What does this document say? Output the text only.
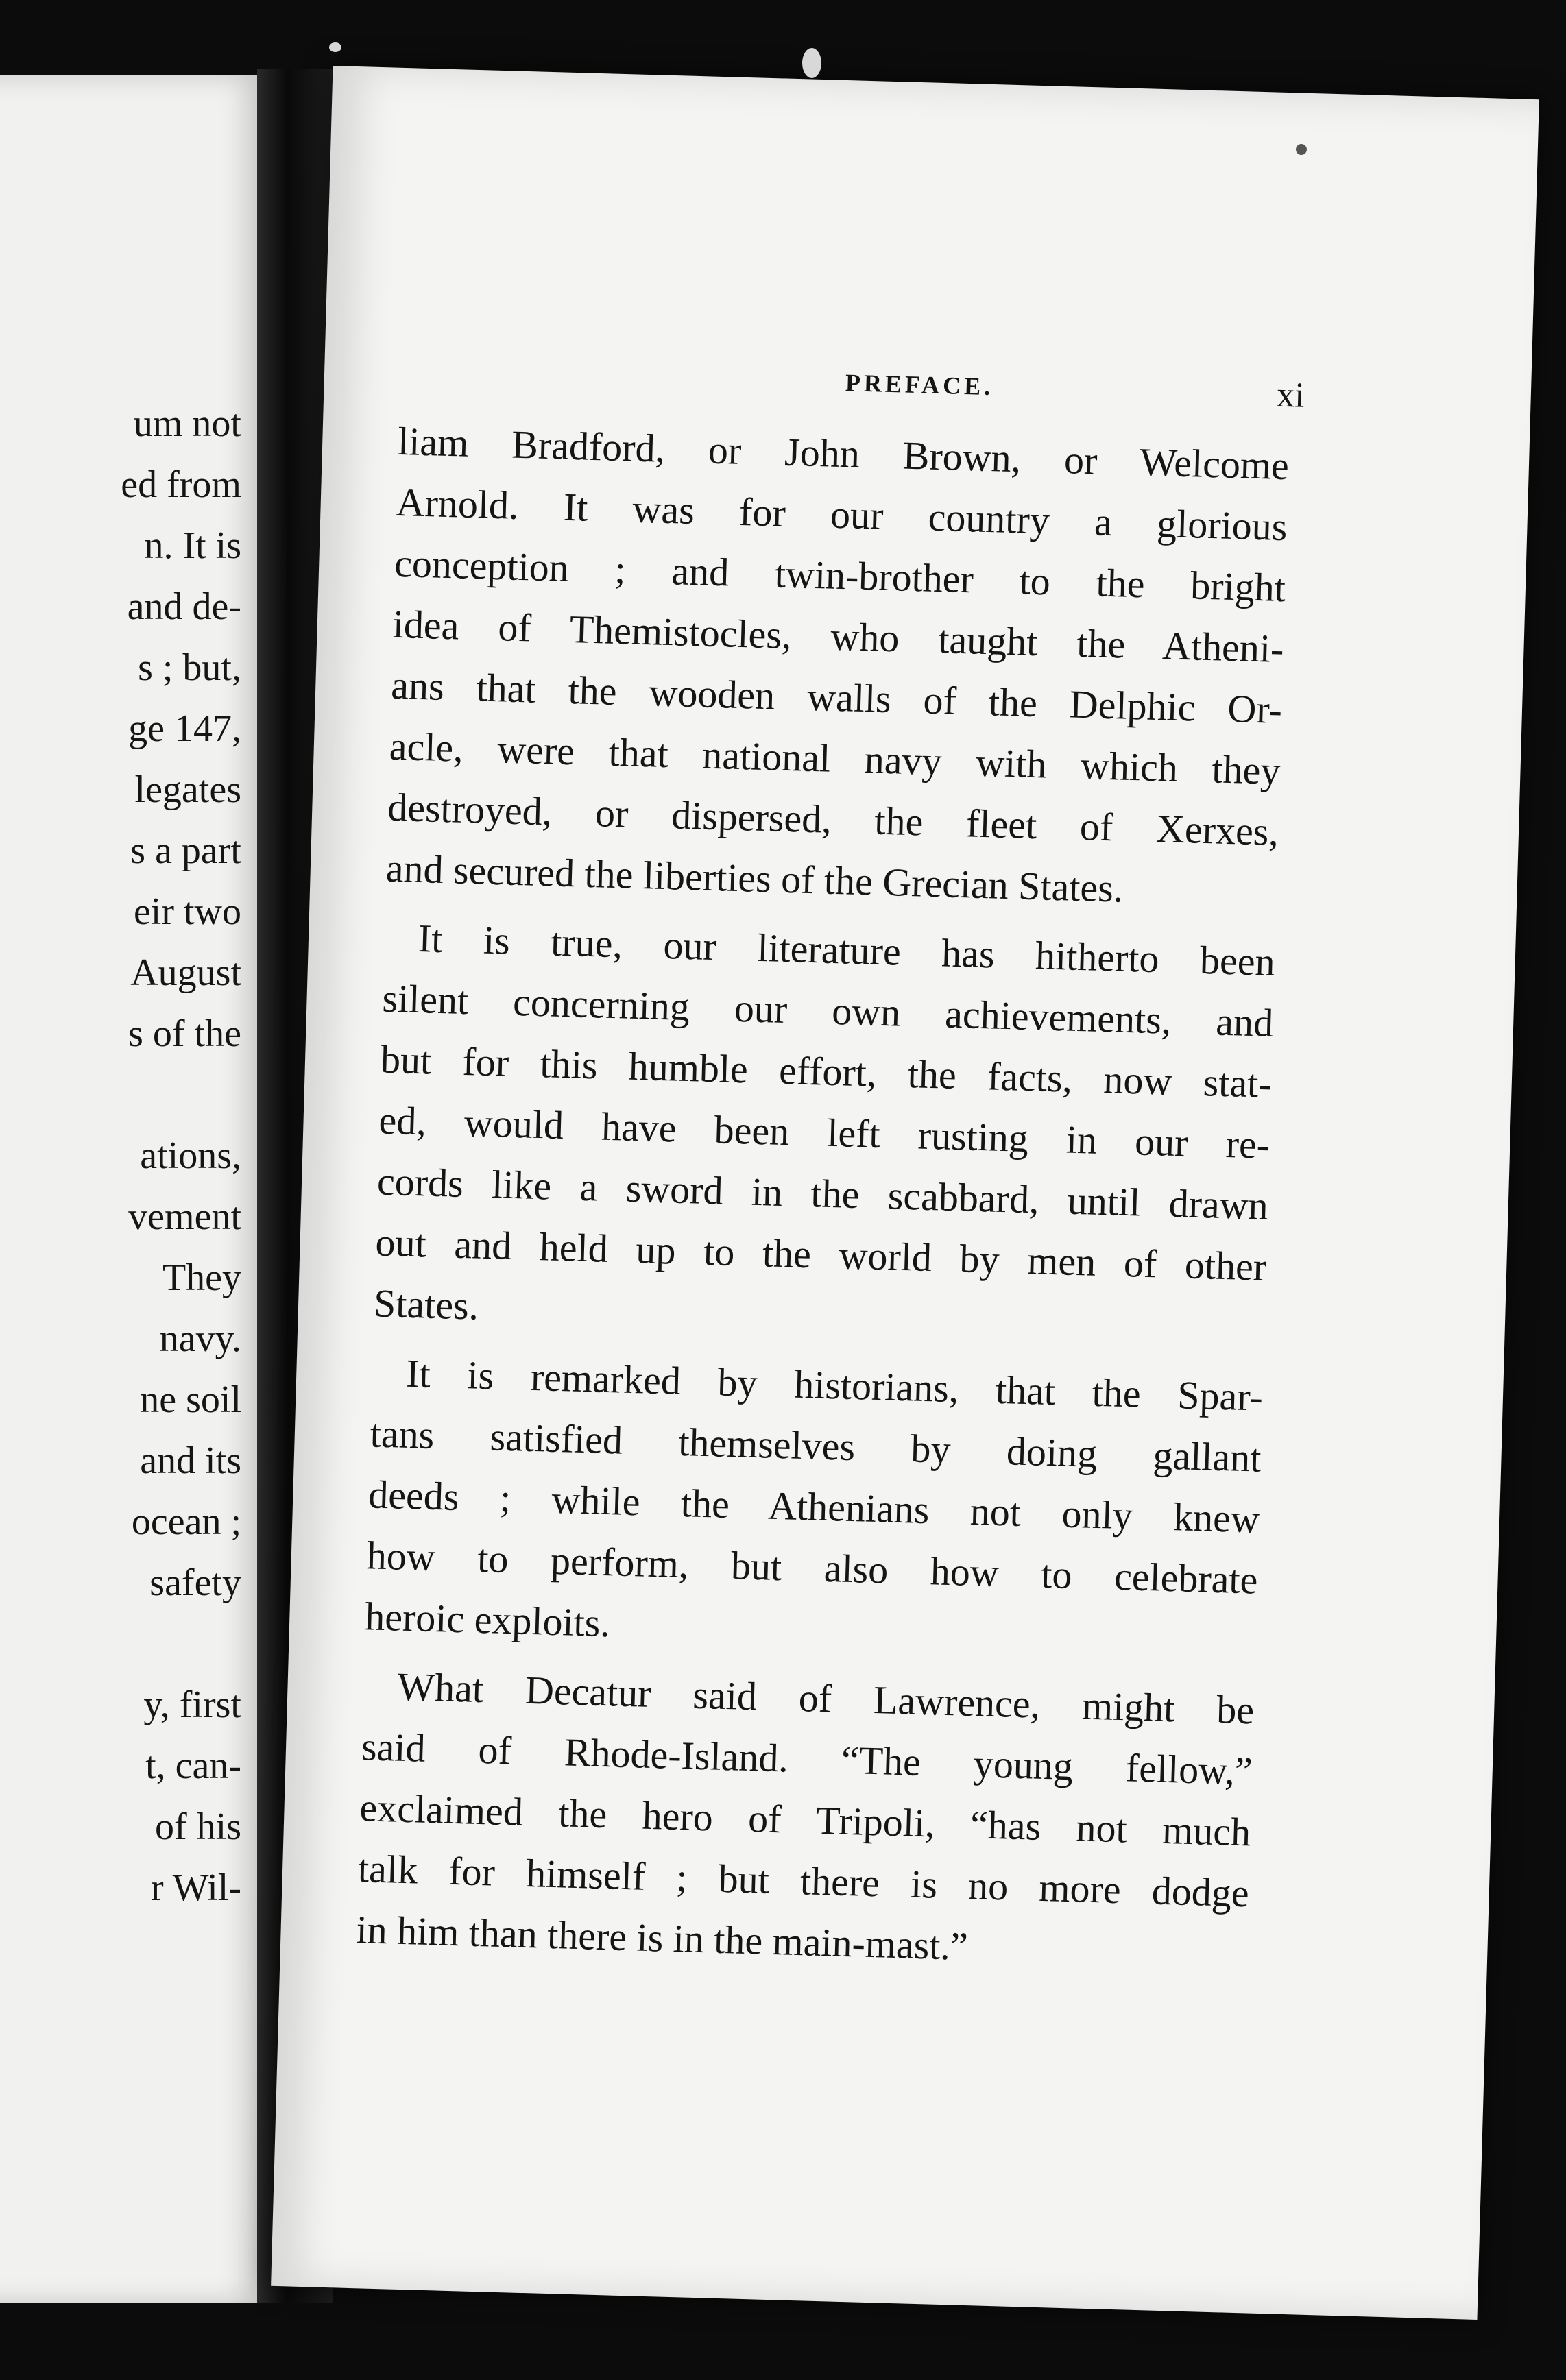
um not
ed from
n. It is
and de-
s ; but,
ge 147,
legates
s a part
eir two
August
s of the
ations,
vement
They
navy.
ne soil
and its
ocean ;
safety
y, first
t, can-
of his
r Wil-
PREFACE.	xi
liam Bradford, or John Brown, or Welcome
Arnold. It was for our country a glorious
conception ; and twin-brother to the bright
idea of Themistocles, who taught the Atheni-
ans that the wooden walls of the Delphic Or-
acle, were that national navy with which they
destroyed, or dispersed, the fleet of Xerxes,
and secured the liberties of the Grecian States.
It is true, our literature has hitherto been
silent concerning our own achievements, and
but for this humble effort, the facts, now stat-
ed, would have been left rusting in our re-
cords like a sword in the scabbard, until drawn
out and held up to the world by men of other
States.
It is remarked by historians, that the Spar-
tans satisfied themselves by doing gallant
deeds ; while the Athenians not only knew
how to perform, but also how to celebrate
heroic exploits.
What Decatur said of Lawrence, might be
said of Rhode-Island. “The young fellow,”
exclaimed the hero of Tripoli, “has not much
talk for himself ; but there is no more dodge
in him than there is in the main-mast.”
